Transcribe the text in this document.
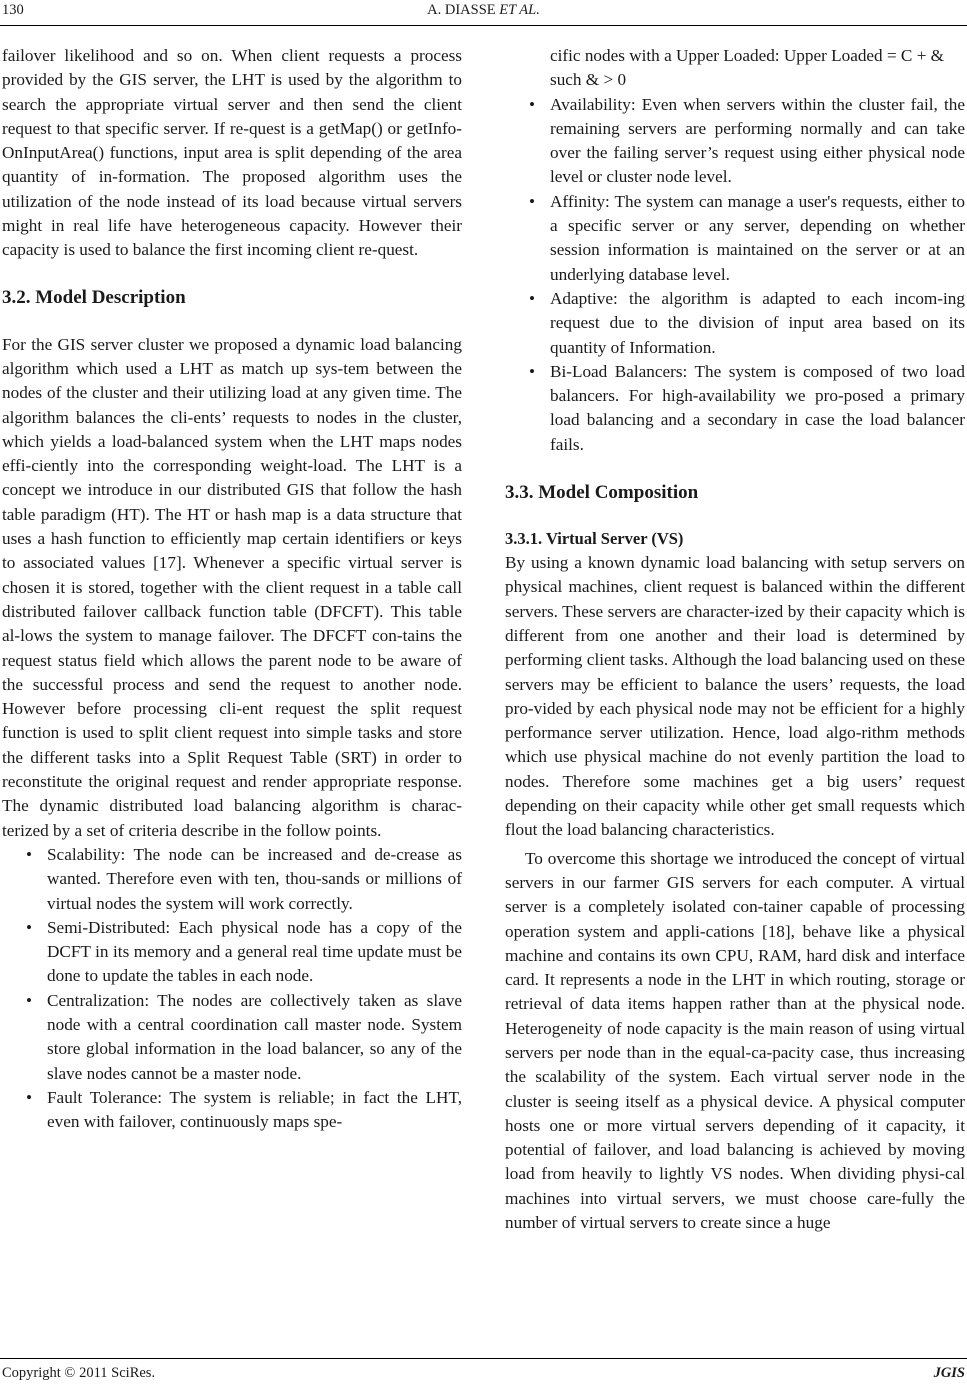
130	A. DIASSE ET AL.

failover likelihood and so on. When client requests a process provided by the GIS server, the LHT is used by the algorithm to search the appropriate virtual server and then send the client request to that specific server. If re-quest is a getMap() or getInfo-OnInputArea() functions, input area is split depending of the area quantity of in-formation. The proposed algorithm uses the utilization of the node instead of its load because virtual servers might in real life have heterogeneous capacity. However their capacity is used to balance the first incoming client re-quest.

3.2. Model Description

For the GIS server cluster we proposed a dynamic load balancing algorithm which used a LHT as match up sys-tem between the nodes of the cluster and their utilizing load at any given time. The algorithm balances the cli-ents’ requests to nodes in the cluster, which yields a load-balanced system when the LHT maps nodes effi-ciently into the corresponding weight-load. The LHT is a concept we introduce in our distributed GIS that follow the hash table paradigm (HT). The HT or hash map is a data structure that uses a hash function to efficiently map certain identifiers or keys to associated values [17]. Whenever a specific virtual server is chosen it is stored, together with the client request in a table call distributed failover callback function table (DFCFT). This table al-lows the system to manage failover. The DFCFT con-tains the request status field which allows the parent node to be aware of the successful process and send the request to another node. However before processing cli-ent request the split request function is used to split client request into simple tasks and store the different tasks into a Split Request Table (SRT) in order to reconstitute the original request and render appropriate response. The dynamic distributed load balancing algorithm is charac-terized by a set of criteria describe in the follow points.

• Scalability: The node can be increased and de-crease as wanted. Therefore even with ten, thou-sands or millions of virtual nodes the system will work correctly.
• Semi-Distributed: Each physical node has a copy of the DCFT in its memory and a general real time update must be done to update the tables in each node.
• Centralization: The nodes are collectively taken as slave node with a central coordination call master node. System store global information in the load balancer, so any of the slave nodes cannot be a master node.
• Fault Tolerance: The system is reliable; in fact the LHT, even with failover, continuously maps spe-

cific nodes with a Upper Loaded: Upper Loaded = C + & such & > 0

• Availability: Even when servers within the cluster fail, the remaining servers are performing normally and can take over the failing server’s request using either physical node level or cluster node level.
• Affinity: The system can manage a user's requests, either to a specific server or any server, depending on whether session information is maintained on the server or at an underlying database level.
• Adaptive: the algorithm is adapted to each incom-ing request due to the division of input area based on its quantity of Information.
• Bi-Load Balancers: The system is composed of two load balancers. For high-availability we pro-posed a primary load balancing and a secondary in case the load balancer fails.
3.3. Model Composition
3.3.1. Virtual Server (VS)

By using a known dynamic load balancing with setup servers on physical machines, client request is balanced within the different servers. These servers are character-ized by their capacity which is different from one another and their load is determined by performing client tasks. Although the load balancing used on these servers may be efficient to balance the users’ requests, the load pro-vided by each physical node may not be efficient for a highly performance server utilization. Hence, load algo-rithm methods which use physical machine do not evenly partition the load to nodes. Therefore some machines get a big users’ request depending on their capacity while other get small requests which flout the load balancing characteristics.

To overcome this shortage we introduced the concept of virtual servers in our farmer GIS servers for each computer. A virtual server is a completely isolated con-tainer capable of processing operation system and appli-cations [18], behave like a physical machine and contains its own CPU, RAM, hard disk and interface card. It represents a node in the LHT in which routing, storage or retrieval of data items happen rather than at the physical node. Heterogeneity of node capacity is the main reason of using virtual servers per node than in the equal-ca-pacity case, thus increasing the scalability of the system. Each virtual server node in the cluster is seeing itself as a physical device. A physical computer hosts one or more virtual servers depending of it capacity, it potential of failover, and load balancing is achieved by moving load from heavily to lightly VS nodes. When dividing physi-cal machines into virtual servers, we must choose care-fully the number of virtual servers to create since a huge

Copyright © 2011 SciRes.	JGIS
